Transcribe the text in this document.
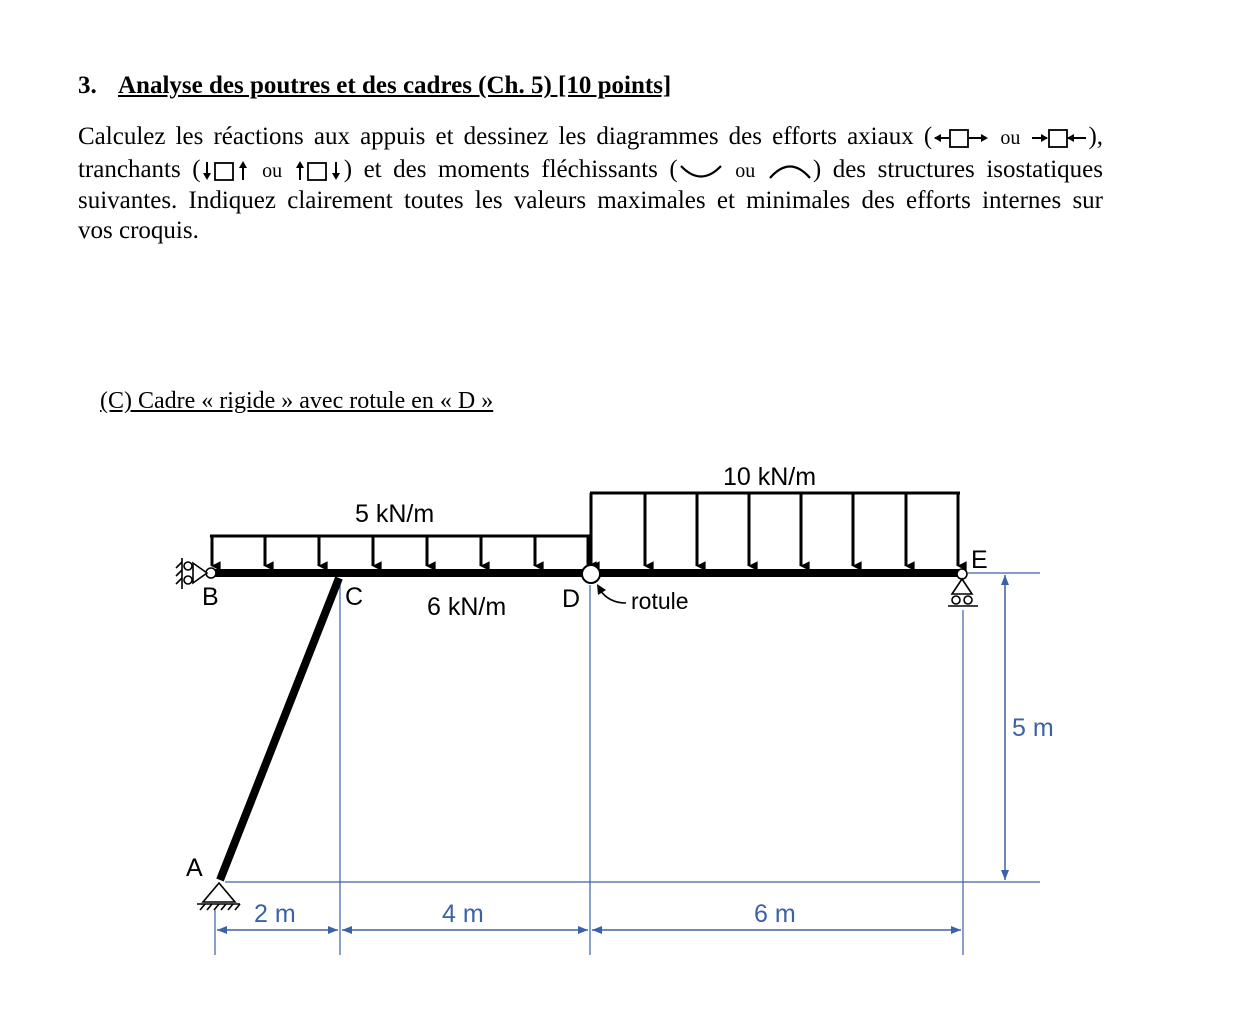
3. Analyse des poutres et des cadres (Ch. 5) [10 points]

Calculez les réactions aux appuis et dessinez les diagrammes des efforts axiaux (	ou	),

tranchants (	ou ) et des moments fléchissants (	ou ) des structures isostatiques

suivantes. Indiquez clairement toutes les valeurs maximales et minimales des efforts internes sur

vos croquis.

(C) Cadre « rigide » avec rotule en « D »
2 m	4 m	6 m
5 m
5 kN/m
10 kN/m
A
B	C	D
E
6 kN/m	rotule
